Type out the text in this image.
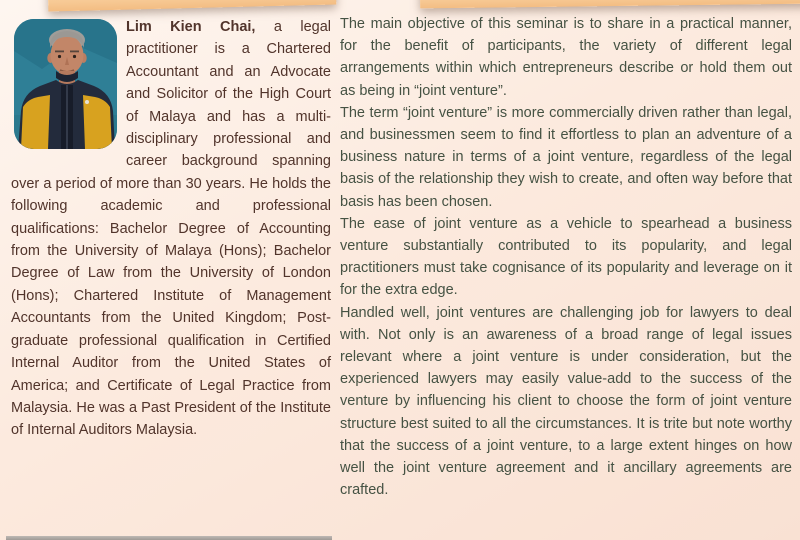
Lim Kien Chai, a legal practitioner is a Chartered Accountant and an Advocate and Solicitor of the High Court of Malaya and has a multi-disciplinary professional and career background spanning over a period of more than 30 years. He holds the following academic and professional qualifications: Bachelor Degree of Accounting from the University of Malaya (Hons); Bachelor Degree of Law from the University of London (Hons); Chartered Institute of Management Accountants from the United Kingdom; Post-graduate professional qualification in Certified Internal Auditor from the United States of America; and Certificate of Legal Practice from Malaysia. He was a Past President of the Institute of Internal Auditors Malaysia.

The main objective of this seminar is to share in a practical manner, for the benefit of participants, the variety of different legal arrangements within which entrepreneurs describe or hold them out as being in “joint venture”.

The term “joint venture” is more commercially driven rather than legal, and businessmen seem to find it effortless to plan an adventure of a business nature in terms of a joint venture, regardless of the legal basis of the relationship they wish to create, and often way before that basis has been chosen.

The ease of joint venture as a vehicle to spearhead a business venture substantially contributed to its popularity, and legal practitioners must take cognisance of its popularity and leverage on it for the extra edge.

Handled well, joint ventures are challenging job for lawyers to deal with. Not only is an awareness of a broad range of legal issues relevant where a joint venture is under consideration, but the experienced lawyers may easily value-add to the success of the venture by influencing his client to choose the form of joint venture structure best suited to all the circumstances. It is trite but note worthy that the success of a joint venture, to a large extent hinges on how well the joint venture agreement and it ancillary agreements are crafted.
